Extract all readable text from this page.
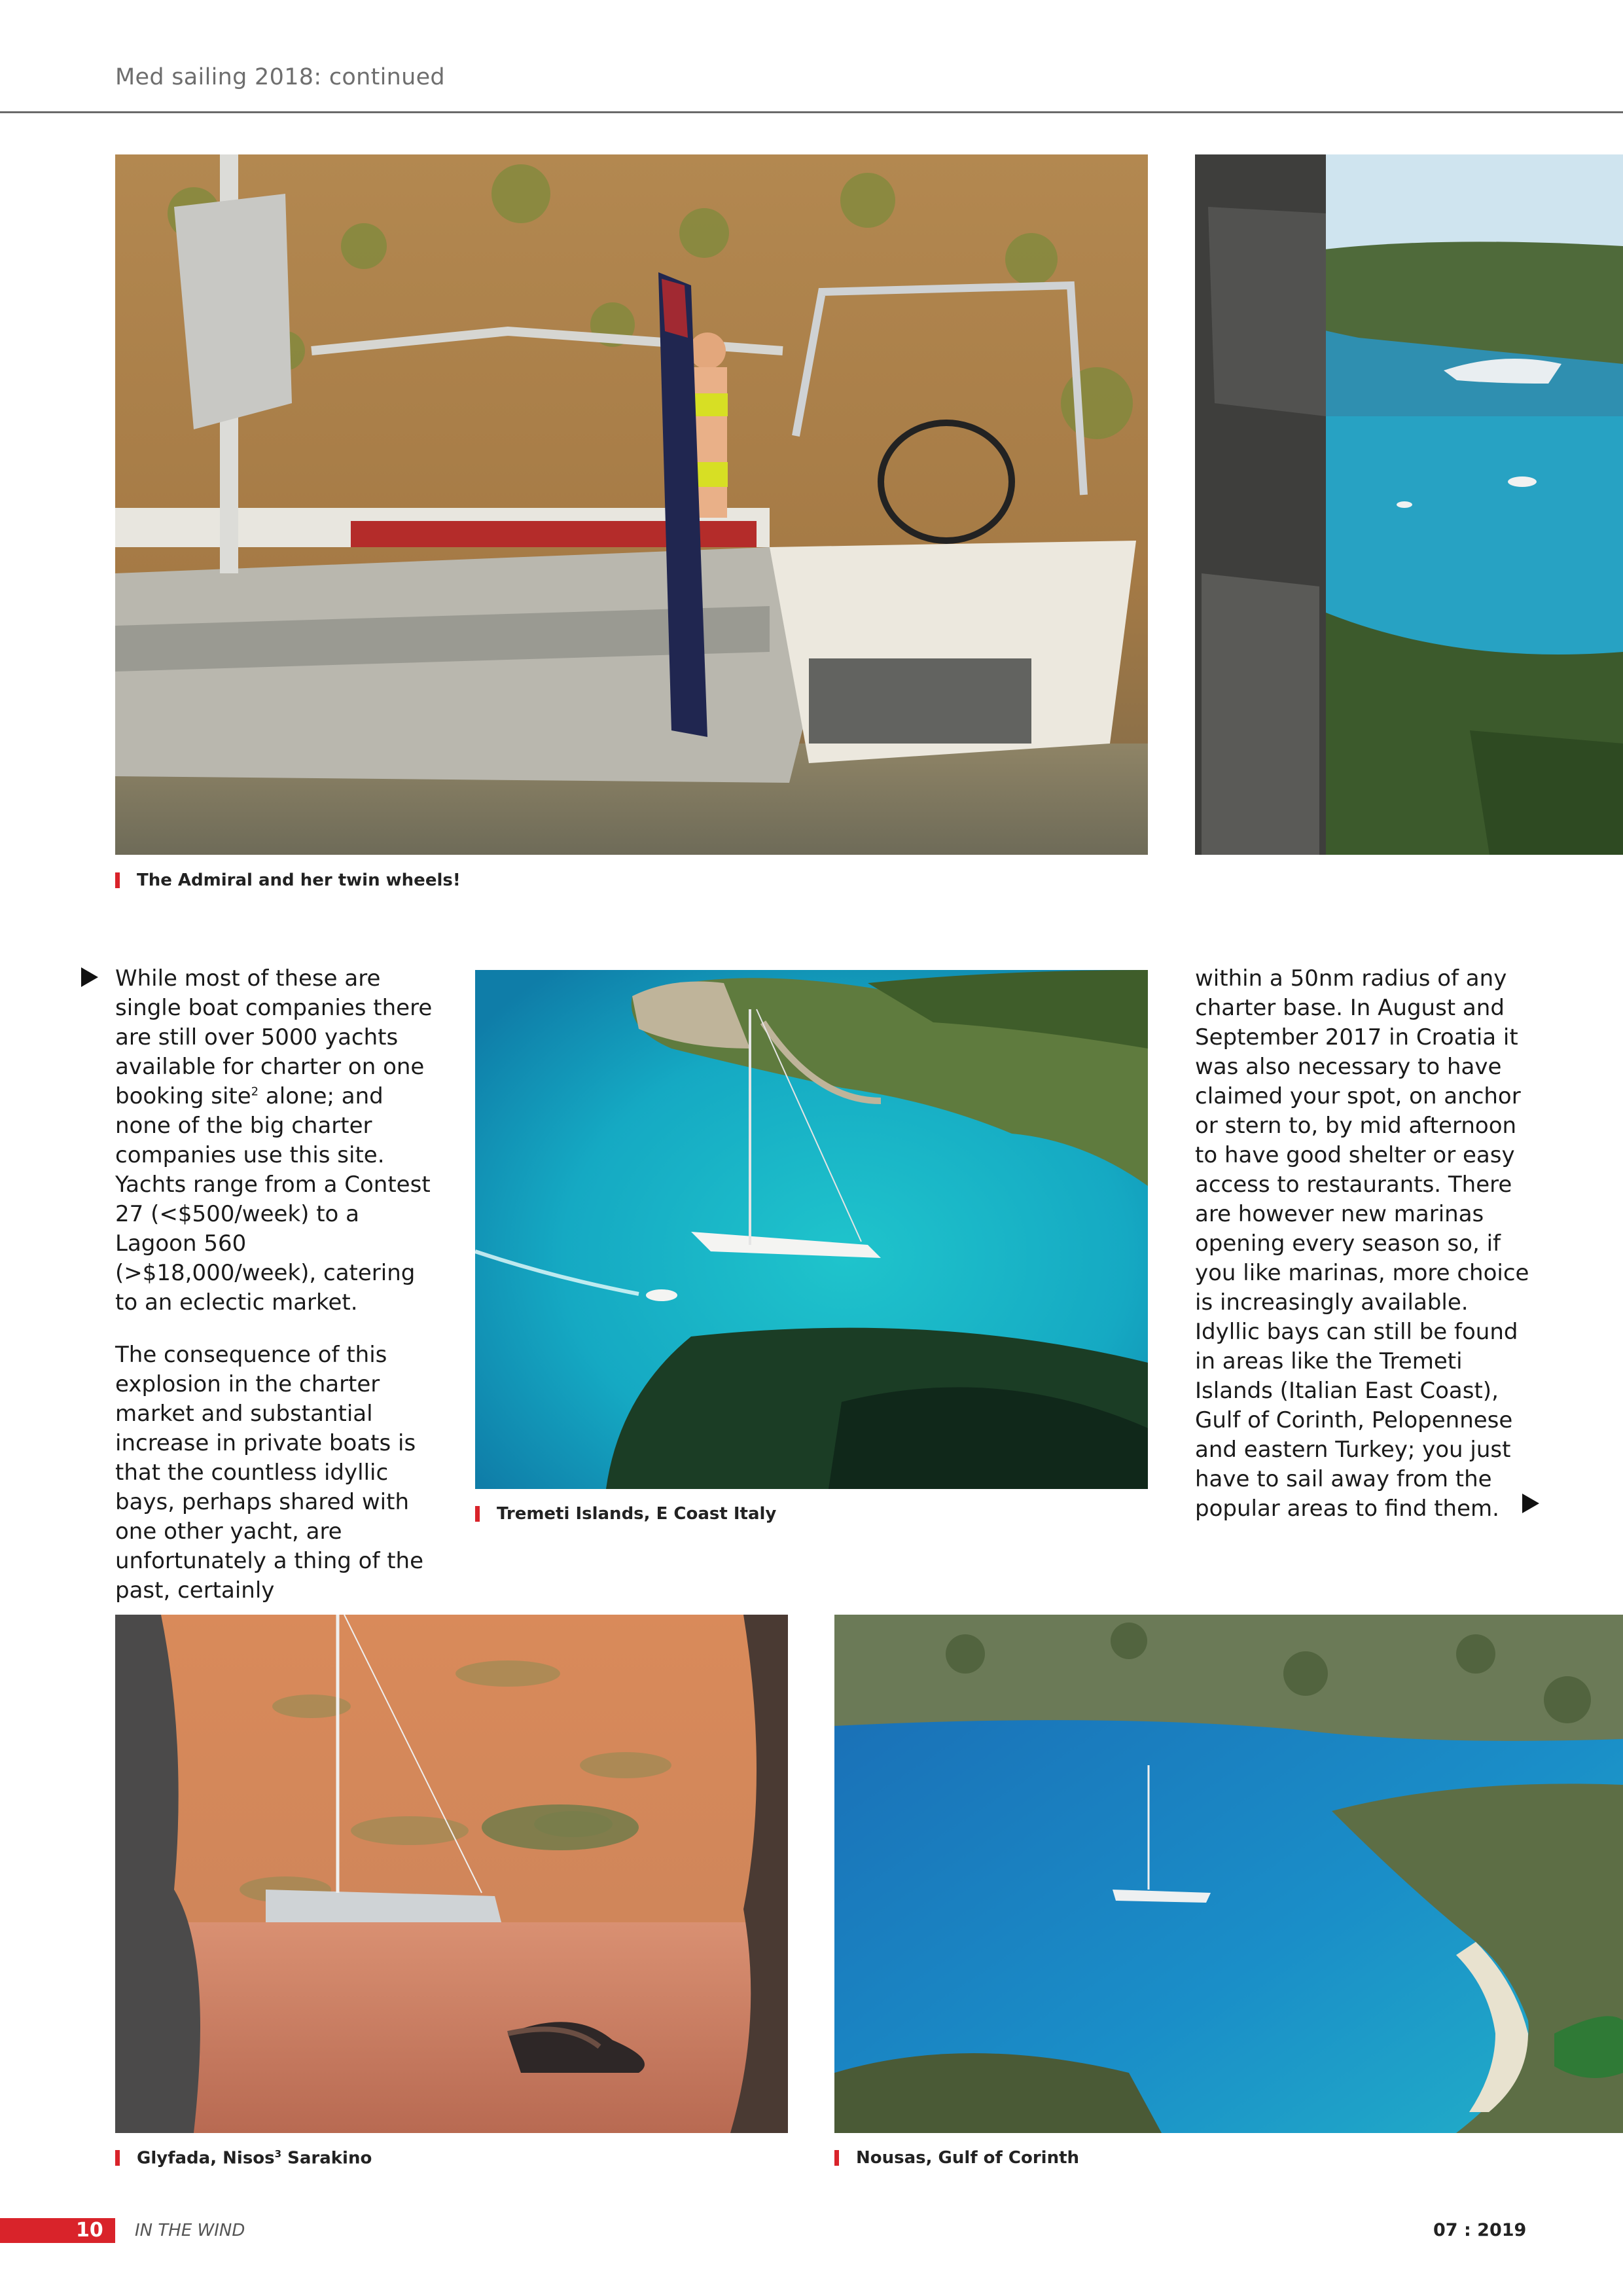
Med sailing 2018: continued
The Admiral and her twin wheels!

While most of these are single boat companies there are still over 5000 yachts available for charter on one booking site$^2$ alone; and none of the big charter companies use this site. Yachts range from a Contest 27 (<$500/week) to a Lagoon 560 (>$18,000/week), catering to an eclectic market.

The consequence of this explosion in the charter market and substantial increase in private boats is that the countless idyllic bays, perhaps shared with one other yacht, are unfortunately a thing of the past, certainly

Tremeti Islands, E Coast Italy

within a 50nm radius of any charter base. In August and September 2017 in Croatia it was also necessary to have claimed your spot, on anchor or stern to, by mid afternoon to have good shelter or easy access to restaurants. There are however new marinas opening every season so, if you like marinas, more choice is increasingly available. Idyllic bays can still be found in areas like the Tremeti Islands (Italian East Coast), Gulf of Corinth, Pelopennese and eastern Turkey; you just have to sail away from the popular areas to find them.

Glyfada, Nisos$^3$ Sarakino	Nousas, Gulf of Corinth
10 IN THE WIND	07 : 2019
